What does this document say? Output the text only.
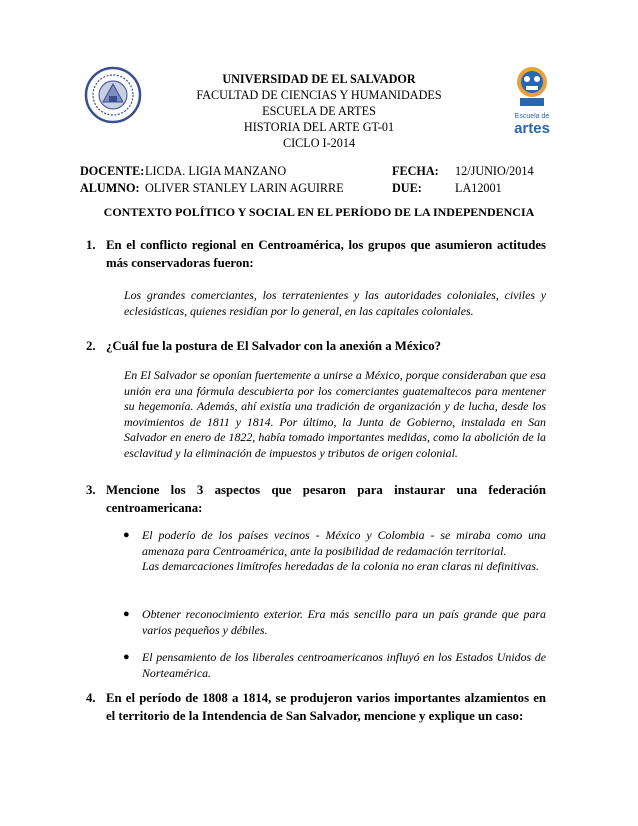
UNIVERSIDAD DE EL SALVADOR
FACULTAD DE CIENCIAS Y HUMANIDADES
ESCUELA DE ARTES
HISTORIA DEL ARTE GT-01
CICLO I-2014
Escuela de
artes
DOCENTE: LICDA. LIGIA MANZANO	FECHA: 12/JUNIO/2014
ALUMNO: OLIVER STANLEY LARIN AGUIRRE	DUE:	LA12001
CONTEXTO POLÍTICO Y SOCIAL EN EL PERÍODO DE LA INDEPENDENCIA
1. En el conflicto regional en Centroamérica, los grupos que asumieron actitudes más conservadoras fueron:
Los grandes comerciantes, los terratenientes y las autoridades coloniales, civiles y eclesiásticas, quienes residían por lo general, en las capitales coloniales.
2. ¿Cuál fue la postura de El Salvador con la anexión a México?
En El Salvador se oponían fuertemente a unirse a México, porque consideraban que esa unión era una fórmula descubierta por los comerciantes guatemaltecos para mentener su hegemonía. Además, ahí existía una tradición de organización y de lucha, desde los movimientos de 1811 y 1814. Por último, la Junta de Gobierno, instalada en San Salvador en enero de 1822, había tomado importantes medidas, como la abolición de la esclavitud y la eliminación de impuestos y tributos de origen colonial.
3. Mencione los 3 aspectos que pesaron para instaurar una federación centroamericana:
● El poderío de los países vecinos - México y Colombia - se miraba como una amenaza para Centroamérica, ante la posibilidad de redamación territorial.

Las demarcaciones limítrofes heredadas de la colonia no eran claras ni definitivas.

● Obtener reconocimiento exterior. Era más sencillo para un país grande que para varios pequeños y débiles.

● El pensamiento de los liberales centroamericanos influyó en los Estados Unidos de Norteamérica.

4. En el período de 1808 a 1814, se produjeron varios importantes alzamientos en el territorio de la Intendencia de San Salvador, mencione y explique un caso:
